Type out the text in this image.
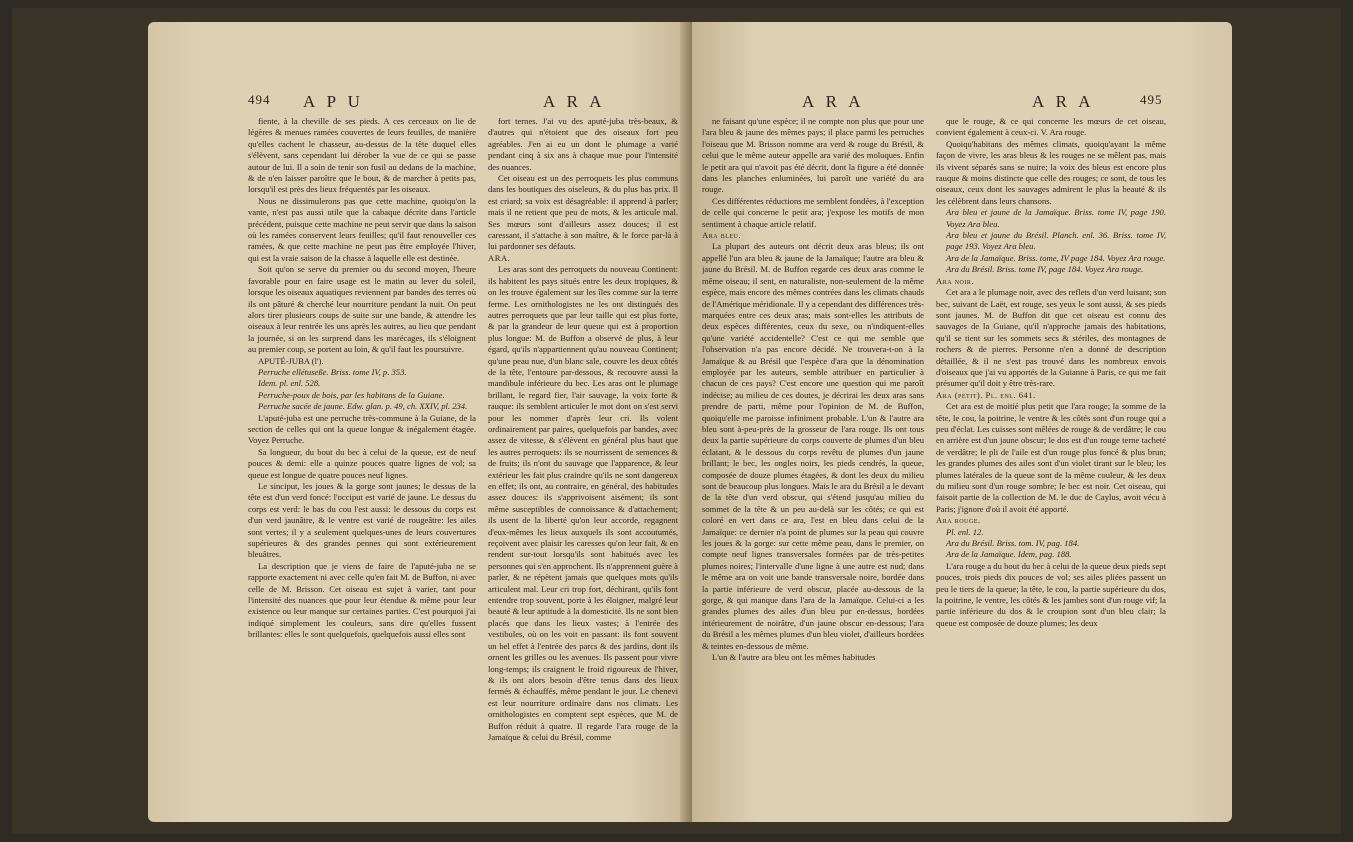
494 A P U	A R A

fiente, à la cheville de ses pieds. A ces cerceaux on lie de légères & menues ramées couvertes de leurs feuilles, de manière qu'elles cachent le chasseur, au-dessus de la tête duquel elles s'élèvent, sans cependant lui dérober la vue de ce qui se passe autour de lui. Il a soin de tenir son fusil au dedans de la machine, & de n'en laisser paroître que le bout, & de marcher à petits pas, lorsqu'il est près des lieux fréquentés par les oiseaux.

Nous ne dissimulerons pas que cette machine, quoiqu'on la vante, n'est pas aussi utile que la cabaque décrite dans l'article précédent, puisque cette machine ne peut servir que dans la saison où les ramées conservent leurs feuilles; qu'il faut renouveller ces ramées, & que cette machine ne peut pas être employée l'hiver, qui est la vraie saison de la chasse à laquelle elle est destinée.

Soit qu'on se serve du premier ou du second moyen, l'heure favorable pour en faire usage est le matin au lever du soleil, lorsque les oiseaux aquatiques reviennent par bandes des terres où ils ont pâturé & cherché leur nourriture pendant la nuit. On peut alors tirer plusieurs coups de suite sur une bande, & attendre les oiseaux à leur rentrée les uns après les autres, au lieu que pendant la journée, si on les surprend dans les marécages, ils s'éloignent au premier coup, se portent au loin, & qu'il faut les poursuivre.

APUTÉ-JUBA (l').

Perruche ellétuseße. Briss. tome IV, p. 353.

Idem. pl. enl. 528.

Perruche-poux de bois, par les habitans de la Guiane.

Perruche sacée de jaune. Edw. glan. p. 49, ch. XXIV, pl. 234.

L'aputé-juba est une perruche très-commune à la Guiane, de la section de celles qui ont la queue longue & inégalement étagée. Voyez Perruche.

Sa longueur, du bout du bec à celui de la queue, est de neuf pouces & demi: elle a quinze pouces quatre lignes de vol; sa queue est longue de quatre pouces neuf lignes.

Le sinciput, les joues & la gorge sont jaunes; le dessus de la tête est d'un verd foncé: l'occiput est varié de jaune. Le dessus du corps est verd: le bas du cou l'est aussi: le dessous du corps est d'un verd jaunâtre, & le ventre est varié de rougeâtre: les ailes sont vertes; il y a seulement quelques-unes de leurs couvertures supérieures & des grandes pennes qui sont extérieurement bleuâtres.

La description que je viens de faire de l'aputé-juba ne se rapporte exactement ni avec celle qu'en fait M. de Buffon, ni avec celle de M. Brisson. Cet oiseau est sujet à varier, tant pour l'intensité des nuances que pour leur étendue & même pour leur existence ou leur manque sur certaines parties. C'est pourquoi j'ai indiqué simplement les couleurs, sans dire qu'elles fussent brillantes: elles le sont quelquefois, quelquefois aussi elles sont

fort ternes. J'ai vu des aputé-juba très-beaux, & d'autres qui n'étoient que des oiseaux fort peu agréables. J'en ai eu un dont le plumage a varié pendant cinq à six ans à chaque mue pour l'intensité des nuances.

Cet oiseau est un des perroquets les plus communs dans les boutiques des oiseleurs, & du plus bas prix. Il est criard; sa voix est désagréable: il apprend à parler; mais il ne retient que peu de mots, & les articule mal. Ses mœurs sont d'ailleurs assez douces; il est caressant, il s'attache à son maître, & le force par-là à lui pardonner ses défauts.

ARA.

Les aras sont des perroquets du nouveau Continent: ils habitent les pays situés entre les deux tropiques, & on les trouve également sur les îles comme sur la terre ferme. Les ornithologistes ne les ont distingués des autres perroquets que par leur taille qui est plus forte, & par la grandeur de leur queue qui est à proportion plus longue: M. de Buffon a observé de plus, à leur égard, qu'ils n'appartiennent qu'au nouveau Continent; qu'une peau nue, d'un blanc sale, couvre les deux côtés de la tête, l'entoure par-dessous, & recouvre aussi la mandibule inférieure du bec. Les aras ont le plumage brillant, le regard fier, l'air sauvage, la voix forte & rauque: ils semblent articuler le mot dont on s'est servi pour les nommer d'après leur cri. Ils volent ordinairement par paires, quelquefois par bandes, avec assez de vitesse, & s'élèvent en général plus haut que les autres perroquets: ils se nourrissent de semences & de fruits; ils n'ont du sauvage que l'apparence, & leur extérieur les fait plus craindre qu'ils ne sont dangereux en effet; ils ont, au contraire, en général, des habitudes assez douces: ils s'apprivoisent aisément; ils sont même susceptibles de connoissance & d'attachement; ils usent de la liberté qu'on leur accorde, regagnent d'eux-mêmes les lieux auxquels ils sont accoutumés, reçoivent avec plaisir les caresses qu'on leur fait, & en rendent sur-tout lorsqu'ils sont habitués avec les personnes qui s'en approchent. Ils n'apprennent guère à parler, & ne répètent jamais que quelques mots qu'ils articulent mal. Leur cri trop fort, déchirant, qu'ils font entendre trop souvent, porte à les éloigner, malgré leur beauté & leur aptitude à la domesticité. Ils ne sont bien placés que dans les lieux vastes; à l'entrée des vestibules, où on les voit en passant: ils font souvent un bel effet à l'entrée des parcs & des jardins, dont ils ornent les grilles ou les avenues. Ils passent pour vivre long-temps; ils craignent le froid rigoureux de l'hiver, & ils ont alors besoin d'être tenus dans des lieux fermés & échauffés, même pendant le jour. Le chenevi est leur nourriture ordinaire dans nos climats. Les ornithologistes en comptent sept espèces, que M. de Buffon réduit à quatre. Il regarde l'ara rouge de la Jamaïque & celui du Brésil, comme

A R A	A R A	495

ne faisant qu'une espèce; il ne compte non plus que pour une l'ara bleu & jaune des mêmes pays; il place parmi les perruches l'oiseau que M. Brisson nomme ara verd & rouge du Brésil, & celui que le même auteur appelle ara varié des moluques. Enfin le petit ara qui n'avoit pas été décrit, dont la figure a été donnée dans les planches enluminées, lui paroît une variété du ara rouge.

Ces différentes réductions me semblent fondées, à l'exception de celle qui concerne le petit ara; j'expose les motifs de mon sentiment à chaque article relatif.

Ara bleu.

La plupart des auteurs ont décrit deux aras bleus; ils ont appellé l'un ara bleu & jaune de la Jamaïque; l'autre ara bleu & jaune du Brésil. M. de Buffon regarde ces deux aras comme le même oiseau; il sent, en naturaliste, non-seulement de la même espèce, mais encore des mêmes contrées dans les climats chauds de l'Amérique méridionale. Il y a cependant des différences très-marquées entre ces deux aras; mais sont-elles les attributs de deux espèces différentes, ceux du sexe, ou n'indiquent-elles qu'une variété accidentelle? C'est ce qui me semble que l'observation n'a pas encore décidé. Ne trouvera-t-on à la Jamaïque & au Brésil que l'espèce d'ara que la dénomination employée par les auteurs, semble attribuer en particulier à chacun de ces pays? C'est encore une question qui me paroît indécise; au milieu de ces doutes, je décrirai les deux aras sans prendre de parti, même pour l'opinion de M. de Buffon, quoiqu'elle me paroisse infiniment probable. L'un & l'autre ara bleu sont à-peu-près de la grosseur de l'ara rouge. Ils ont tous deux la partie supérieure du corps couverte de plumes d'un bleu éclatant, & le dessous du corps revêtu de plumes d'un jaune brillant; le bec, les ongles noirs, les pieds cendrés, la queue, composée de douze plumes étagées, & dont les deux du milieu sont de beaucoup plus longues. Mais le ara du Brésil a le devant de la tête d'un verd obscur, qui s'étend jusqu'au milieu du sommet de la tête & un peu au-delà sur les côtés; ce qui est coloré en vert dans ce ara, l'est en bleu dans celui de la Jamaïque: ce dernier n'a point de plumes sur la peau qui couvre les joues & la gorge: sur cette même peau, dans le premier, on compte neuf lignes transversales formées par de très-petites plumes noires; l'intervalle d'une ligne à une autre est nud; dans le même ara on voit une bande transversale noire, bordée dans la partie inférieure de verd obscur, placée au-dessous de la gorge, & qui manque dans l'ara de la Jamaïque. Celui-ci a les grandes plumes des ailes d'un bleu pur en-dessus, bordées intérieurement de noirâtre, d'un jaune obscur en-dessous; l'ara du Brésil a les mêmes plumes d'un bleu violet, d'ailleurs bordées & teintes en-dessous de même.

L'un & l'autre ara bleu ont les mêmes habitudes

que le rouge, & ce qui concerne les mœurs de cet oiseau, convient également à ceux-ci. V. Ara rouge.

Quoiqu'habitans des mêmes climats, quoiqu'ayant la même façon de vivre, les aras bleus & les rouges ne se mêlent pas, mais ils vivent séparés sans se nuire; la voix des bleus est encore plus rauque & moins distincte que celle des rouges; ce sont, de tous les oiseaux, ceux dont les sauvages admirent le plus la beauté & ils les célèbrent dans leurs chansons.

Ara bleu et jaune de la Jamaïque. Briss. tome IV, page 190. Voyez Ara bleu.

Ara bleu et jaune du Brésil. Planch. enl. 36. Briss. tome IV, page 193. Voyez Ara bleu.

Ara de la Jamaïque. Briss. tome, IV page 184. Voyez Ara rouge.

Ara du Brésil. Briss. tome IV, page 184. Voyez Ara rouge.

Ara noir.

Cet ara a le plumage noir, avec des reflets d'un verd luisant; son bec, suivant de Laët, est rouge, ses yeux le sont aussi, & ses pieds sont jaunes. M. de Buffon dit que cet oiseau est connu des sauvages de la Guiane, qu'il n'approche jamais des habitations, qu'il se tient sur les sommets secs & stériles, des montagnes de rochers & de pierres. Personne n'en a donné de description détaillée, & il ne s'est pas trouvé dans les nombreux envois d'oiseaux que j'ai vu apportés de la Guianne à Paris, ce qui me fait présumer qu'il doit y être très-rare.

Ara (petit). Pl. enl. 641.

Cet ara est de moitié plus petit que l'ara rouge; la somme de la tête, le cou, la poitrine, le ventre & les côtés sont d'un rouge qui a peu d'éclat. Les cuisses sont mêlées de rouge & de verdâtre; le cou en arrière est d'un jaune obscur; le dos est d'un rouge terne tacheté de verdâtre; le pli de l'aile est d'un rouge plus foncé & plus brun; les grandes plumes des ailes sont d'un violet tirant sur le bleu; les plumes latérales de la queue sont de la même couleur, & les deux du milieu sont d'un rouge sombre; le bec est noir. Cet oiseau, qui faisoit partie de la collection de M. le duc de Caylus, avoit vécu à Paris; j'ignore d'où il avoit été apporté.

Ara rouge.

Pl. enl. 12.

Ara du Brésil. Briss. tom. IV, pag. 184.

Ara de la Jamaïque. Idem, pag. 188.

L'ara rouge a du bout du bec à celui de la queue deux pieds sept pouces, trois pieds dix pouces de vol; ses ailes pliées passent un peu le tiers de la queue; la tête, le cou, la partie supérieure du dos, la poitrine, le ventre, les côtés & les jambes sont d'un rouge vif; la partie inférieure du dos & le croupion sont d'un bleu clair; la queue est composée de douze plumes; les deux
